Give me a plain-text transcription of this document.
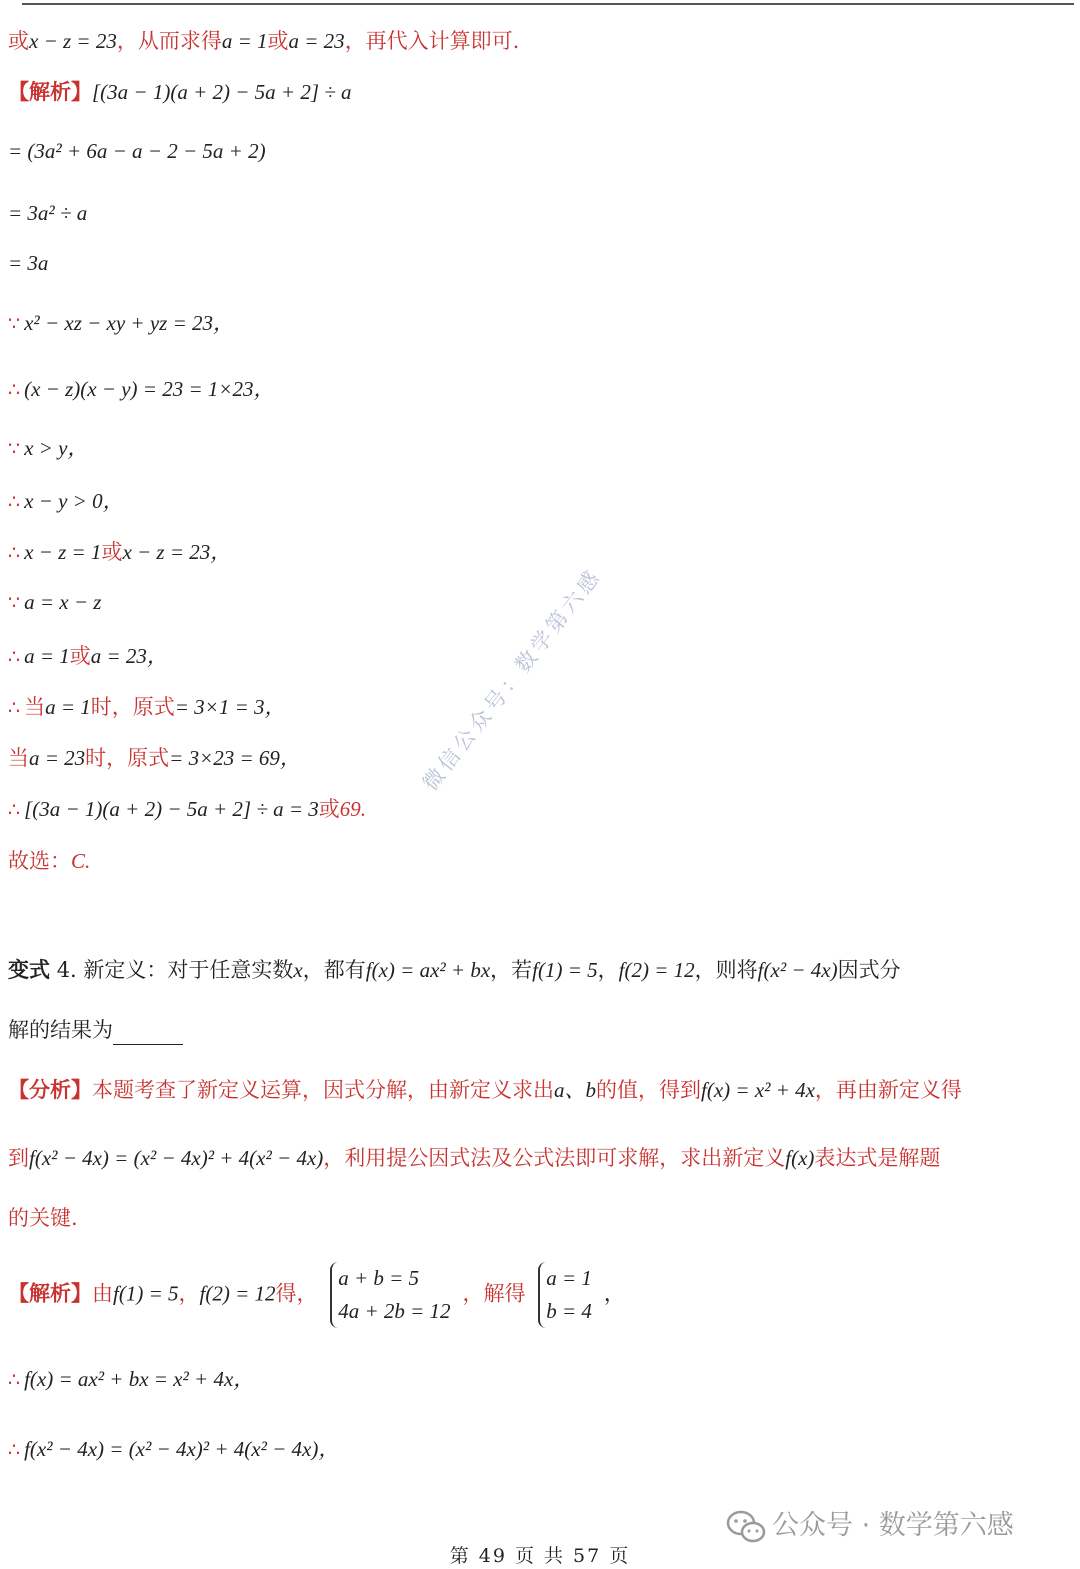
或x − z = 23，从而求得a = 1或a = 23，再代入计算即可.
【解析】[(3a − 1)(a + 2) − 5a + 2] ÷ a
= (3a² + 6a − a − 2 − 5a + 2)
= 3a² ÷ a
= 3a
∵ x² − xz − xy + yz = 23，
∴ (x − z)(x − y) = 23 = 1×23，
∵ x > y，
∴ x − y > 0，
∴ x − z = 1或x − z = 23，
∵ a = x − z
∴ a = 1或a = 23，
∴ 当a = 1时，原式= 3×1 = 3，
当a = 23时，原式= 3×23 = 69，
∴ [(3a − 1)(a + 2) − 5a + 2] ÷ a = 3或69.
故选：C.
变式 4. 新定义：对于任意实数x，都有f(x) = ax² + bx，若f(1) = 5，f(2) = 12，则将f(x² − 4x)因式分
解的结果为
【分析】本题考查了新定义运算，因式分解，由新定义求出a、b的值，得到f(x) = x² + 4x，再由新定义得
到f(x² − 4x) = (x² − 4x)² + 4(x² − 4x)，利用提公因式法及公式法即可求解，求出新定义f(x)表达式是解题
的关键.
【解析】由f(1) = 5，f(2) = 12得，
a + b = 5
4a + 2b = 12
，解得
a = 1
b = 4
，
∴ f(x) = ax² + bx = x² + 4x，
∴ f(x² − 4x) = (x² − 4x)² + 4(x² − 4x)，
微信公众号：数学第六感
公众号 · 数学第六感
第 49 页 共 57 页
